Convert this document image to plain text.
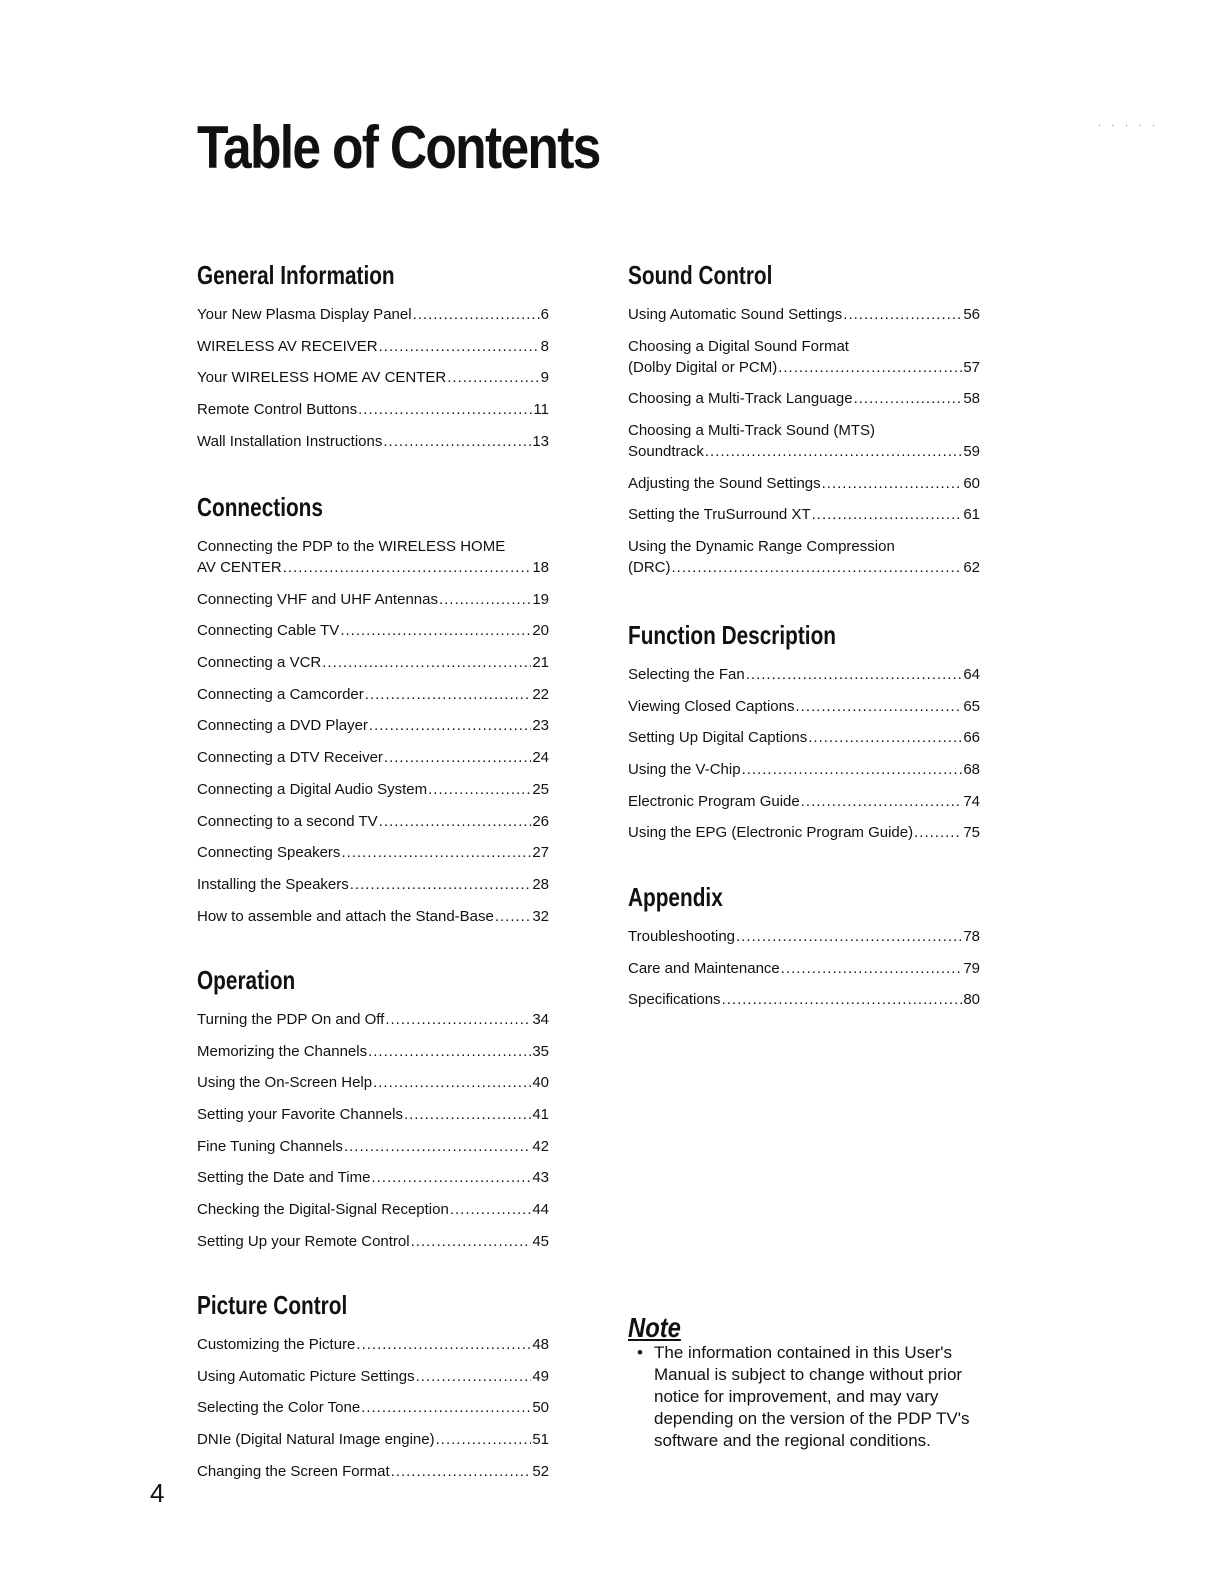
Table of Contents	. . . . .
General Information
Your New Plasma Display Panel .....	6
WIRELESS AV RECEIVER .....	8
Your WIRELESS HOME AV CENTER .....	9
Remote Control Buttons .....	11
Wall Installation Instructions .....	13
Connections
Connecting the PDP to the WIRELESS HOME
AV CENTER .....	18
Connecting VHF and UHF Antennas .....	19
Connecting Cable TV .....	20
Connecting a VCR .....	21
Connecting a Camcorder .....	22
Connecting a DVD Player .....	23
Connecting a DTV Receiver .....	24
Connecting a Digital Audio System .....	25
Connecting to a second TV .....	26
Connecting Speakers .....	27
Installing the Speakers .....	28
How to assemble and attach the Stand-Base .....	32
Operation
Turning the PDP On and Off .....	34
Memorizing the Channels .....	35
Using the On-Screen Help .....	40
Setting your Favorite Channels .....	41
Fine Tuning Channels .....	42
Setting the Date and Time .....	43
Checking the Digital-Signal Reception .....	44
Setting Up your Remote Control .....	45
Picture Control
Customizing the Picture .....	48
Using Automatic Picture Settings .....	49
Selecting the Color Tone .....	50
DNIe (Digital Natural Image engine) .....	51
Changing the Screen Format .....	52
Sound Control
Using Automatic Sound Settings .....	56
Choosing a Digital Sound Format
(Dolby Digital or PCM) .....	57
Choosing a Multi-Track Language .....	58
Choosing a Multi-Track Sound (MTS)
Soundtrack .....	59
Adjusting the Sound Settings .....	60
Setting the TruSurround XT .....	61
Using the Dynamic Range Compression
(DRC) .....	62
Function Description
Selecting the Fan .....	64
Viewing Closed Captions .....	65
Setting Up Digital Captions .....	66
Using the V-Chip .....	68
Electronic Program Guide .....	74
Using the EPG (Electronic Program Guide) .....	75
Appendix
Troubleshooting .....	78
Care and Maintenance .....	79
Specifications .....	80
Note
• The information contained in this User's Manual is subject to change without prior notice for improvement, and may vary depending on the version of the PDP TV's software and the regional conditions.
4
